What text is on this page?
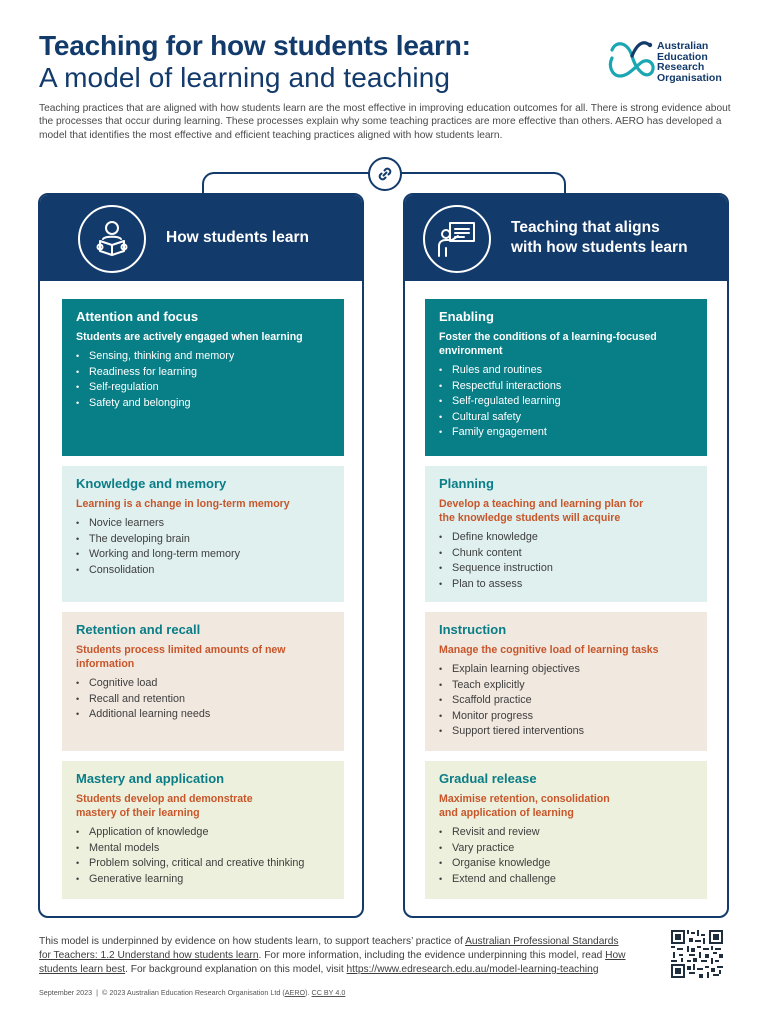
Teaching for how students learn:
A model of learning and teaching
Australian
Education
Research
Organisation
Teaching practices that are aligned with how students learn are the most effective in improving education outcomes for all. There is strong evidence about the processes that occur during learning. These processes explain why some teaching practices are more effective than others. AERO has developed a model that identifies the most effective and efficient teaching practices aligned with how students learn.
How students learn
Attention and focus
Students are actively engaged when learning
• Sensing, thinking and memory
• Readiness for learning
• Self-regulation
• Safety and belonging
Knowledge and memory
Learning is a change in long-term memory
• Novice learners
• The developing brain
• Working and long-term memory
• Consolidation
Retention and recall
Students process limited amounts of new
information
• Cognitive load
• Recall and retention
• Additional learning needs
Mastery and application
Students develop and demonstrate
mastery of their learning
• Application of knowledge
• Mental models
• Problem solving, critical and creative thinking
• Generative learning
Teaching that aligns
with how students learn
Enabling
Foster the conditions of a learning-focused
environment
• Rules and routines
• Respectful interactions
• Self-regulated learning
• Cultural safety
• Family engagement
Planning
Develop a teaching and learning plan for
the knowledge students will acquire
• Define knowledge
• Chunk content
• Sequence instruction
• Plan to assess
Instruction
Manage the cognitive load of learning tasks
• Explain learning objectives
• Teach explicitly
• Scaffold practice
• Monitor progress
• Support tiered interventions
Gradual release
Maximise retention, consolidation
and application of learning
• Revisit and review
• Vary practice
• Organise knowledge
• Extend and challenge
This model is underpinned by evidence on how students learn, to support teachers’ practice of Australian Professional Standards
for Teachers: 1.2 Understand how students learn. For more information, including the evidence underpinning this model, read How students learn best. For background explanation on this model, visit https://www.edresearch.edu.au/model-learning-teaching
September 2023 | © 2023 Australian Education Research Organisation Ltd (AERO). CC BY 4.0
